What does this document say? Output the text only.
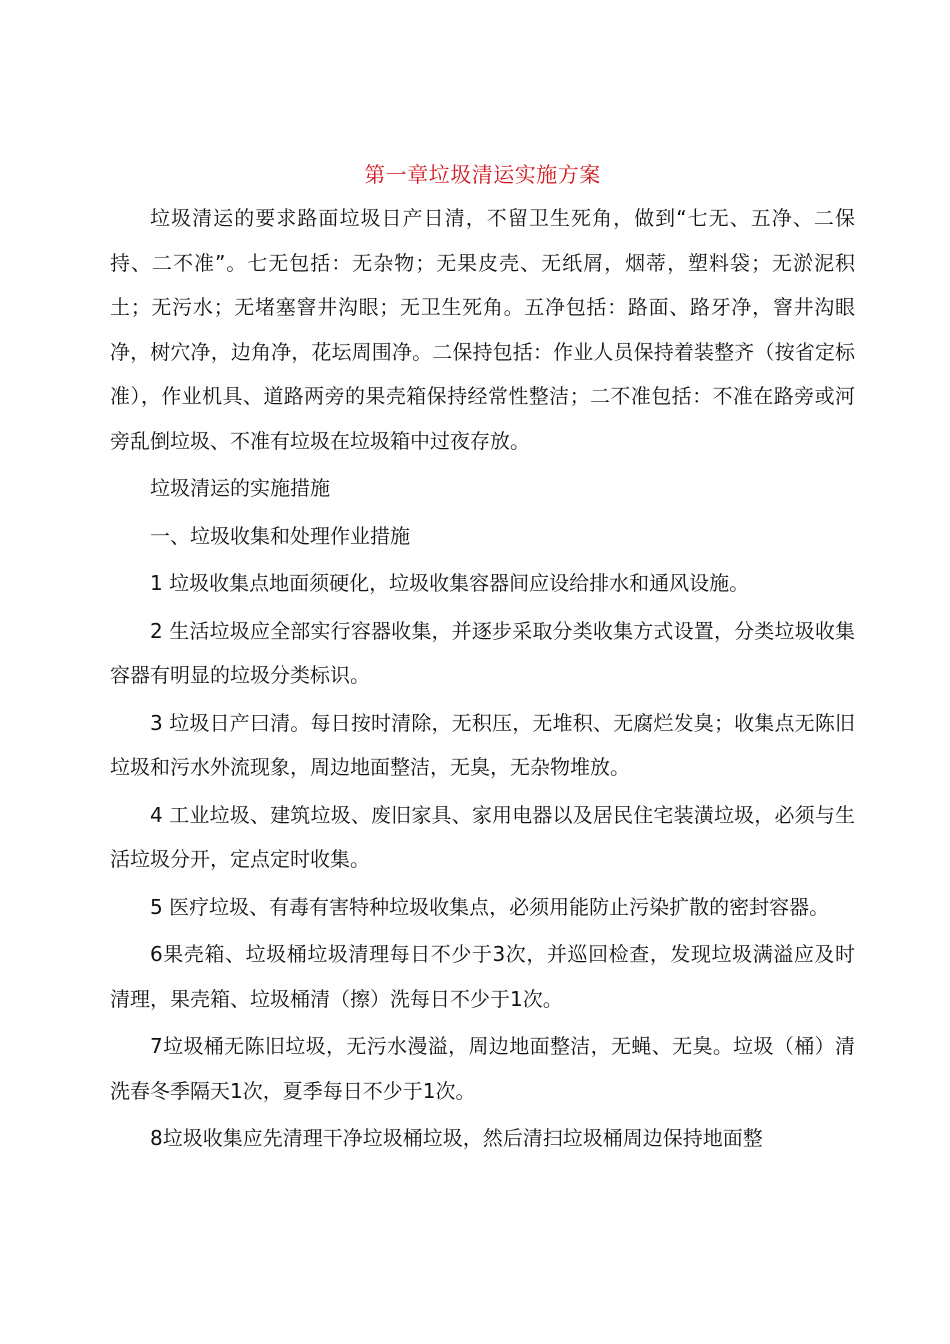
第一章垃圾清运实施方案

垃圾清运的要求路面垃圾日产日清，不留卫生死角，做到“七无、五净、二保持、二不准”。七无包括：无杂物；无果皮壳、无纸屑，烟蒂，塑料袋；无淤泥积土；无污水；无堵塞窨井沟眼；无卫生死角。五净包括：路面、路牙净，窨井沟眼净，树穴净，边角净，花坛周围净。二保持包括：作业人员保持着装整齐（按省定标准），作业机具、道路两旁的果壳箱保持经常性整洁；二不准包括：不准在路旁或河旁乱倒垃圾、不准有垃圾在垃圾箱中过夜存放。

垃圾清运的实施措施

一、垃圾收集和处理作业措施

1 垃圾收集点地面须硬化，垃圾收集容器间应设给排水和通风设施。

2 生活垃圾应全部实行容器收集，并逐步采取分类收集方式设置，分类垃圾收集容器有明显的垃圾分类标识。

3 垃圾日产曰清。每日按时清除，无积压，无堆积、无腐烂发臭；收集点无陈旧垃圾和污水外流现象，周边地面整洁，无臭，无杂物堆放。

4 工业垃圾、建筑垃圾、废旧家具、家用电器以及居民住宅装潢垃圾，必须与生活垃圾分开，定点定时收集。

5 医疗垃圾、有毒有害特种垃圾收集点，必须用能防止污染扩散的密封容器。

6果壳箱、垃圾桶垃圾清理每日不少于3次，并巡回检查，发现垃圾满溢应及时清理，果壳箱、垃圾桶清（擦）洗每日不少于1次。

7垃圾桶无陈旧垃圾，无污水漫溢，周边地面整洁，无蝇、无臭。垃圾（桶）清洗春冬季隔天1次，夏季每日不少于1次。

8垃圾收集应先清理干净垃圾桶垃圾，然后清扫垃圾桶周边保持地面整
